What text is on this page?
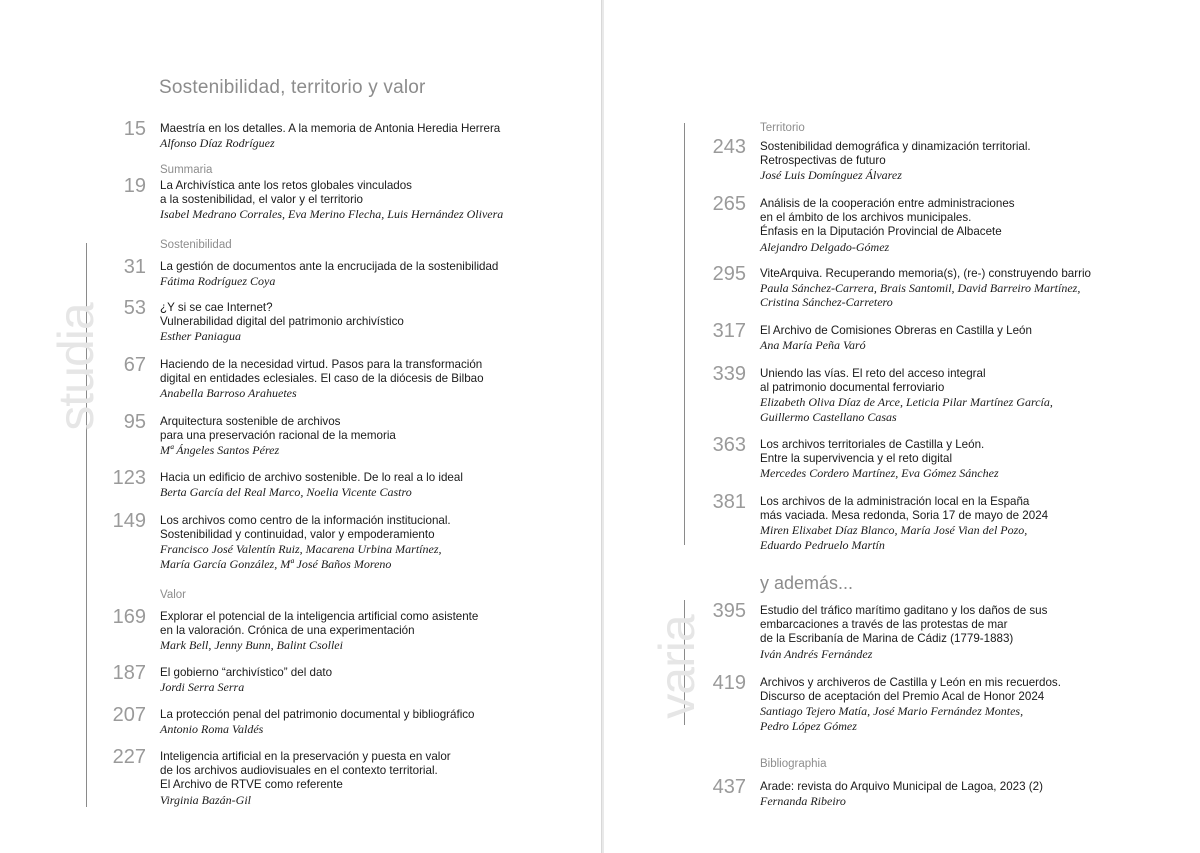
Sostenibilidad, territorio y valor
studia
Summaria
Sostenibilidad
Valor
15 Maestría en los detalles. A la memoria de Antonia Heredia Herrera
Alfonso Díaz Rodríguez
19 La Archivística ante los retos globales vinculados
a la sostenibilidad, el valor y el territorio
Isabel Medrano Corrales, Eva Merino Flecha, Luis Hernández Olivera
31 La gestión de documentos ante la encrucijada de la sostenibilidad
Fátima Rodríguez Coya
53 ¿Y si se cae Internet?
Vulnerabilidad digital del patrimonio archivístico
Esther Paniagua
67 Haciendo de la necesidad virtud. Pasos para la transformación
digital en entidades eclesiales. El caso de la diócesis de Bilbao
Anabella Barroso Arahuetes
95 Arquitectura sostenible de archivos
para una preservación racional de la memoria
Mª Ángeles Santos Pérez
123 Hacia un edificio de archivo sostenible. De lo real a lo ideal
Berta García del Real Marco, Noelia Vicente Castro
149 Los archivos como centro de la información institucional.
Sostenibilidad y continuidad, valor y empoderamiento
Francisco José Valentín Ruiz, Macarena Urbina Martínez,
María García González, Mª José Baños Moreno
169 Explorar el potencial de la inteligencia artificial como asistente
en la valoración. Crónica de una experimentación
Mark Bell, Jenny Bunn, Balint Csollei
187 El gobierno “archivístico” del dato
Jordi Serra Serra
207 La protección penal del patrimonio documental y bibliográfico
Antonio Roma Valdés
227 Inteligencia artificial en la preservación y puesta en valor
de los archivos audiovisuales en el contexto territorial.
El Archivo de RTVE como referente
Virginia Bazán-Gil
varia
Territorio
y además...
Bibliographia
243 Sostenibilidad demográfica y dinamización territorial.
Retrospectivas de futuro
José Luis Domínguez Álvarez
265 Análisis de la cooperación entre administraciones
en el ámbito de los archivos municipales.
Énfasis en la Diputación Provincial de Albacete
Alejandro Delgado-Gómez
295 ViteArquiva. Recuperando memoria(s), (re-) construyendo barrio
Paula Sánchez-Carrera, Brais Santomil, David Barreiro Martínez,
Cristina Sánchez-Carretero
317 El Archivo de Comisiones Obreras en Castilla y León
Ana María Peña Varó
339 Uniendo las vías. El reto del acceso integral
al patrimonio documental ferroviario
Elizabeth Oliva Díaz de Arce, Leticia Pilar Martínez García,
Guillermo Castellano Casas
363 Los archivos territoriales de Castilla y León.
Entre la supervivencia y el reto digital
Mercedes Cordero Martínez, Eva Gómez Sánchez
381 Los archivos de la administración local en la España
más vaciada. Mesa redonda, Soria 17 de mayo de 2024
Miren Elixabet Díaz Blanco, María José Vian del Pozo,
Eduardo Pedruelo Martín
395 Estudio del tráfico marítimo gaditano y los daños de sus
embarcaciones a través de las protestas de mar
de la Escribanía de Marina de Cádiz (1779-1883)
Iván Andrés Fernández
419 Archivos y archiveros de Castilla y León en mis recuerdos.
Discurso de aceptación del Premio Acal de Honor 2024
Santiago Tejero Matía, José Mario Fernández Montes,
Pedro López Gómez
437 Arade: revista do Arquivo Municipal de Lagoa, 2023 (2)
Fernanda Ribeiro
